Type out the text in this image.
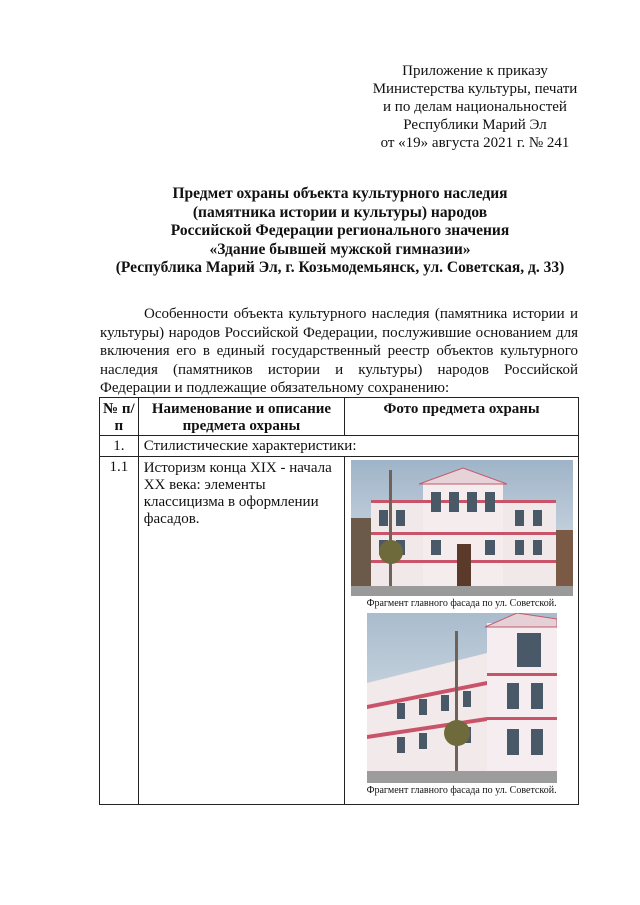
Приложение к приказу
Министерства культуры, печати
и по делам национальностей
Республики Марий Эл
от «19» августа 2021 г. № 241
Предмет охраны объекта культурного наследия
(памятника истории и культуры) народов
Российской Федерации регионального значения
«Здание бывшей мужской гимназии»
(Республика Марий Эл, г. Козьмодемьянск, ул. Советская, д. 33)

Особенности объекта культурного наследия (памятника истории и культуры) народов Российской Федерации, послужившие основанием для включения его в единый государственный реестр объектов культурного наследия (памятников истории и культуры) народов Российской Федерации и подлежащие обязательному сохранению:

№ п/п	Наименование и описание предмета охраны	Фото предмета охраны
1.	Стилистические характеристики:	
1.1	Историзм конца XIX - начала XX века: элементы классицизма в оформлении фасадов.	Фрагмент главного фасада по ул. Советской.
Фрагмент главного фасада по ул. Советской.
